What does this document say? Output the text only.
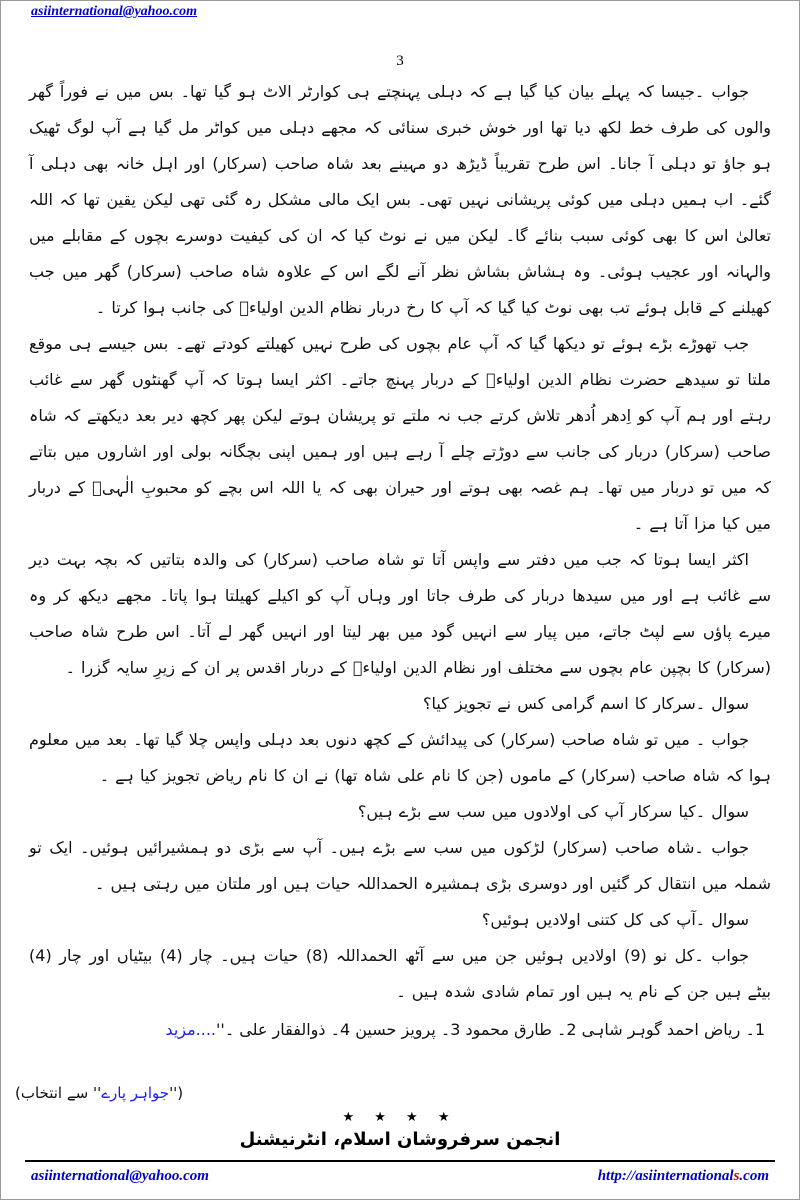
asiinternational@yahoo.com
3

جواب ۔جیسا کہ پہلے بیان کیا گیا ہے کہ دہلی پہنچتے ہی کوارٹر الاٹ ہو گیا تھا۔ بس میں نے فوراً گھر والوں کی طرف خط لکھ دیا تھا اور خوش خبری سنائی کہ مجھے دہلی میں کواٹر مل گیا ہے آپ لوگ ٹھیک ہو جاؤ تو دہلی آ جانا۔ اس طرح تقریباً ڈیڑھ دو مہینے بعد شاہ صاحب (سرکار) اور اہل خانہ بھی دہلی آ گئے۔ اب ہمیں دہلی میں کوئی پریشانی نہیں تھی۔ بس ایک مالی مشکل رہ گئی تھی لیکن یقین تھا کہ اللہ تعالیٰ اس کا بھی کوئی سبب بنائے گا۔ لیکن میں نے نوٹ کیا کہ ان کی کیفیت دوسرے بچوں کے مقابلے میں والہانہ اور عجیب ہوئی۔ وہ ہشاش بشاش نظر آنے لگے اس کے علاوہ شاہ صاحب (سرکار) گھر میں جب کھیلنے کے قابل ہوئے تب بھی نوٹ کیا گیا کہ آپ کا رخ دربار نظام الدین اولیاءؒ کی جانب ہوا کرتا ۔

جب تھوڑے بڑے ہوئے تو دیکھا گیا کہ آپ عام بچوں کی طرح نہیں کھیلتے کودتے تھے۔ بس جیسے ہی موقع ملتا تو سیدھے حضرت نظام الدین اولیاءؒ کے دربار پہنچ جاتے۔ اکثر ایسا ہوتا کہ آپ گھنٹوں گھر سے غائب رہتے اور ہم آپ کو اِدھر اُدھر تلاش کرتے جب نہ ملتے تو پریشان ہوتے لیکن پھر کچھ دیر بعد دیکھتے کہ شاہ صاحب (سرکار) دربار کی جانب سے دوڑتے چلے آ رہے ہیں اور ہمیں اپنی بچگانہ بولی اور اشاروں میں بتاتے کہ میں تو دربار میں تھا۔ ہم غصہ بھی ہوتے اور حیران بھی کہ یا اللہ اس بچے کو محبوبِ الٰہیؒ کے دربار میں کیا مزا آتا ہے ۔

اکثر ایسا ہوتا کہ جب میں دفتر سے واپس آتا تو شاہ صاحب (سرکار) کی والدہ بتاتیں کہ بچہ بہت دیر سے غائب ہے اور میں سیدھا دربار کی طرف جاتا اور وہاں آپ کو اکیلے کھیلتا ہوا پاتا۔ مجھے دیکھ کر وہ میرے پاؤں سے لپٹ جاتے، میں پیار سے انہیں گود میں بھر لیتا اور انہیں گھر لے آتا۔ اس طرح شاہ صاحب (سرکار) کا بچپن عام بچوں سے مختلف اور نظام الدین اولیاءؒ کے دربار اقدس پر ان کے زیرِ سایہ گزرا ۔

سوال ۔سرکار کا اسم گرامی کس نے تجویز کیا؟

جواب ۔ میں تو شاہ صاحب (سرکار) کی پیدائش کے کچھ دنوں بعد دہلی واپس چلا گیا تھا۔ بعد میں معلوم ہوا کہ شاہ صاحب (سرکار) کے ماموں (جن کا نام علی شاہ تھا) نے ان کا نام ریاض تجویز کیا ہے ۔

سوال ۔کیا سرکار آپ کی اولادوں میں سب سے بڑے ہیں؟

جواب ۔شاہ صاحب (سرکار) لڑکوں میں سب سے بڑے ہیں۔ آپ سے بڑی دو ہمشیرائیں ہوئیں۔ ایک تو شملہ میں انتقال کر گئیں اور دوسری بڑی ہمشیرہ الحمداللہ حیات ہیں اور ملتان میں رہتی ہیں ۔

سوال ۔آپ کی کل کتنی اولادیں ہوئیں؟

جواب ۔کل نو (9) اولادیں ہوئیں جن میں سے آٹھ الحمداللہ (8) حیات ہیں۔ چار (4) بیٹیاں اور چار (4) بیٹے ہیں جن کے نام یہ ہیں اور تمام شادی شدہ ہیں ۔

1۔ ریاض احمد گوہر شاہی 2۔ طارق محمود 3۔ پرویز حسین 4۔ ذوالفقار علی ۔''....مزید

(''جواہر پارے'' سے انتخاب)
★ ★ ★ ★
انجمن سرفروشان اسلام، انٹرنیشنل
asiinternational@yahoo.com	http://asiinternationals.com
